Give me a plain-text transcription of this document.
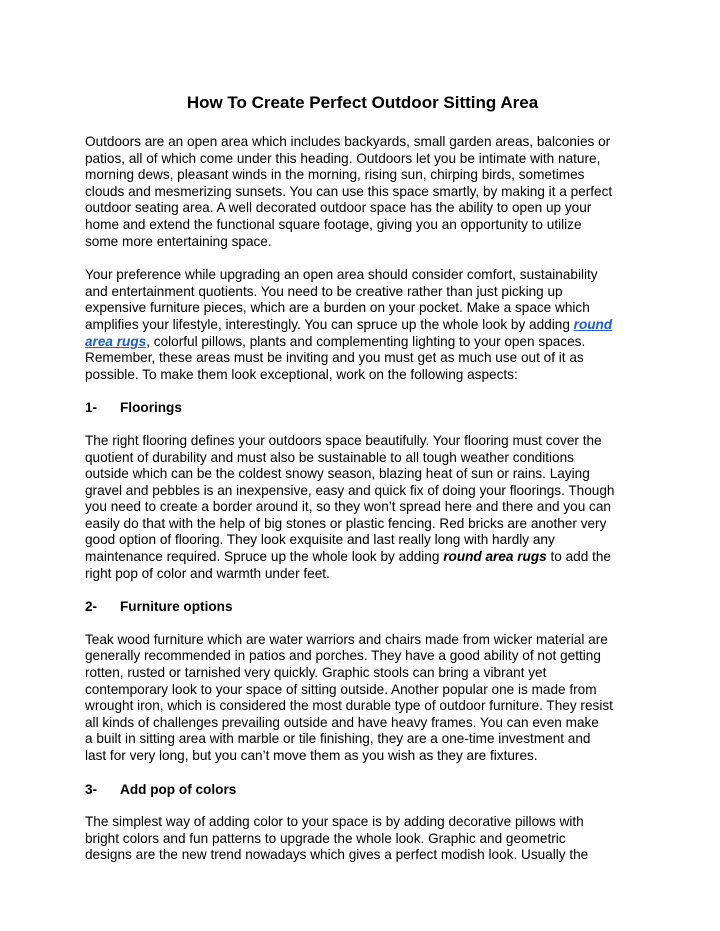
How To Create Perfect Outdoor Sitting Area

Outdoors are an open area which includes backyards, small garden areas, balconies or
patios, all of which come under this heading. Outdoors let you be intimate with nature,
morning dews, pleasant winds in the morning, rising sun, chirping birds, sometimes
clouds and mesmerizing sunsets. You can use this space smartly, by making it a perfect
outdoor seating area. A well decorated outdoor space has the ability to open up your
home and extend the functional square footage, giving you an opportunity to utilize
some more entertaining space.

Your preference while upgrading an open area should consider comfort, sustainability
and entertainment quotients. You need to be creative rather than just picking up
expensive furniture pieces, which are a burden on your pocket. Make a space which
amplifies your lifestyle, interestingly. You can spruce up the whole look by adding round
area rugs, colorful pillows, plants and complementing lighting to your open spaces.
Remember, these areas must be inviting and you must get as much use out of it as
possible. To make them look exceptional, work on the following aspects:

1- Floorings

The right flooring defines your outdoors space beautifully. Your flooring must cover the
quotient of durability and must also be sustainable to all tough weather conditions
outside which can be the coldest snowy season, blazing heat of sun or rains. Laying
gravel and pebbles is an inexpensive, easy and quick fix of doing your floorings. Though
you need to create a border around it, so they won’t spread here and there and you can
easily do that with the help of big stones or plastic fencing. Red bricks are another very
good option of flooring. They look exquisite and last really long with hardly any
maintenance required. Spruce up the whole look by adding round area rugs to add the
right pop of color and warmth under feet.

2- Furniture options

Teak wood furniture which are water warriors and chairs made from wicker material are
generally recommended in patios and porches. They have a good ability of not getting
rotten, rusted or tarnished very quickly. Graphic stools can bring a vibrant yet
contemporary look to your space of sitting outside. Another popular one is made from
wrought iron, which is considered the most durable type of outdoor furniture. They resist
all kinds of challenges prevailing outside and have heavy frames. You can even make
a built in sitting area with marble or tile finishing, they are a one-time investment and
last for very long, but you can’t move them as you wish as they are fixtures.

3- Add pop of colors

The simplest way of adding color to your space is by adding decorative pillows with
bright colors and fun patterns to upgrade the whole look. Graphic and geometric
designs are the new trend nowadays which gives a perfect modish look. Usually the
